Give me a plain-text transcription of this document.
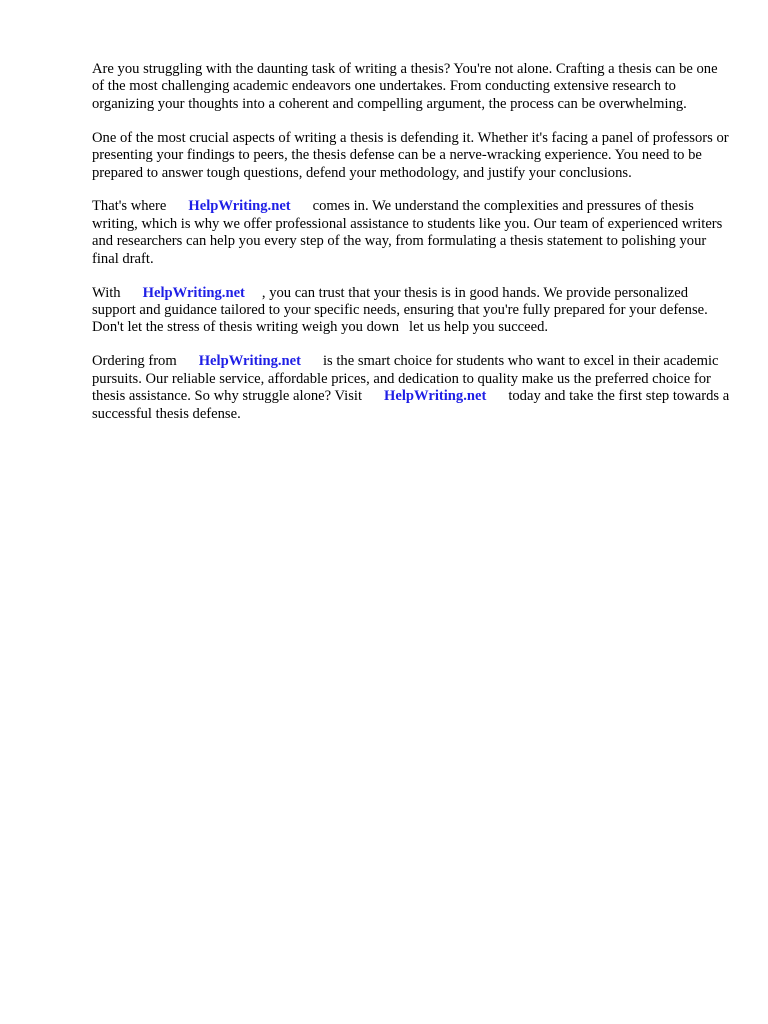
Are you struggling with the daunting task of writing a thesis? You're not alone. Crafting a thesis can be one of the most challenging academic endeavors one undertakes. From conducting extensive research to organizing your thoughts into a coherent and compelling argument, the process can be overwhelming.

One of the most crucial aspects of writing a thesis is defending it. Whether it's facing a panel of professors or presenting your findings to peers, the thesis defense can be a nerve-wracking experience. You need to be prepared to answer tough questions, defend your methodology, and justify your conclusions.

That's where HelpWriting.net comes in. We understand the complexities and pressures of thesis writing, which is why we offer professional assistance to students like you. Our team of experienced writers and researchers can help you every step of the way, from formulating a thesis statement to polishing your final draft.

With HelpWriting.net , you can trust that your thesis is in good hands. We provide personalized support and guidance tailored to your specific needs, ensuring that you're fully prepared for your defense. Don't let the stress of thesis writing weigh you down let us help you succeed.

Ordering from HelpWriting.net is the smart choice for students who want to excel in their academic pursuits. Our reliable service, affordable prices, and dedication to quality make us the preferred choice for thesis assistance. So why struggle alone? Visit HelpWriting.net today and take the first step towards a successful thesis defense.
